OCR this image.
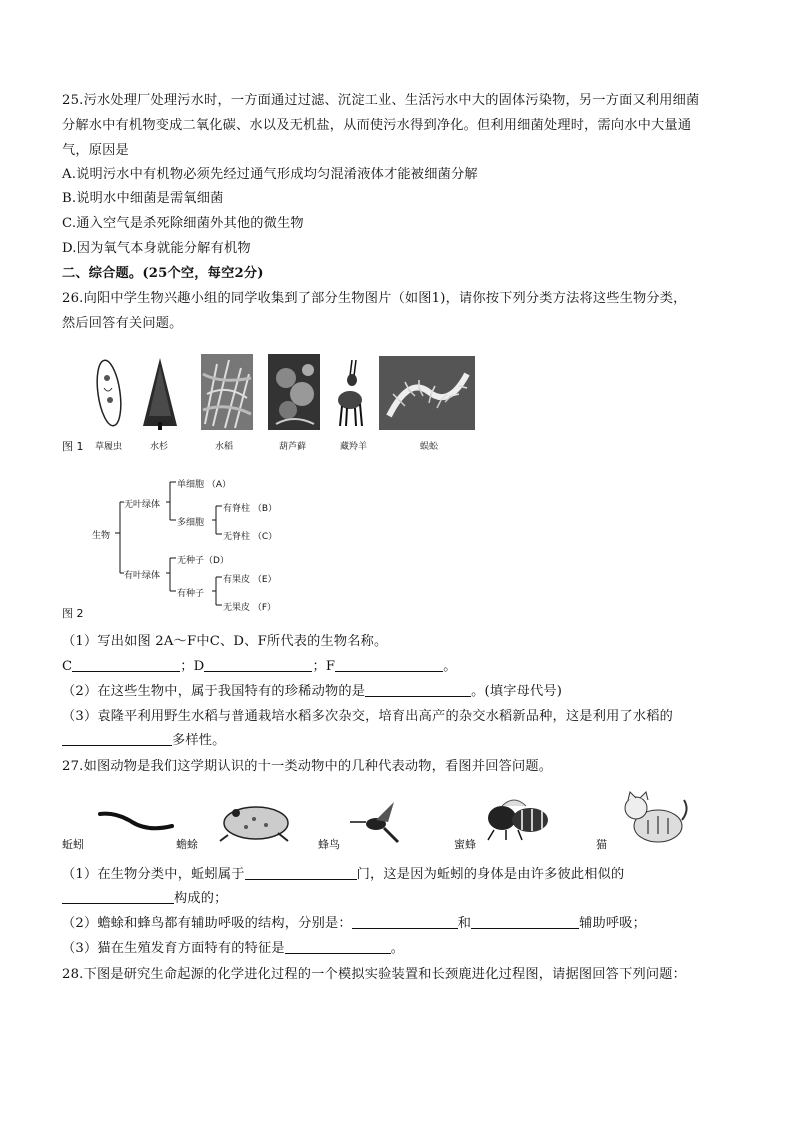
25.污水处理厂处理污水时，一方面通过过滤、沉淀工业、生活污水中大的固体污染物，另一方面又利用细菌
分解水中有机物变成二氧化碳、水以及无机盐，从而使污水得到净化。但利用细菌处理时，需向水中大量通
气，原因是
A.说明污水中有机物必须先经过通气形成均匀混淆液体才能被细菌分解
B.说明水中细菌是需氧细菌
C.通入空气是杀死除细菌外其他的微生物
D.因为氧气本身就能分解有机物
二、综合题。(25个空，每空2分)
26.向阳中学生物兴趣小组的同学收集到了部分生物图片（如图1)，请你按下列分类方法将这些生物分类，
然后回答有关问题。
图 1 草履虫	水杉	水稻	葫芦藓	藏羚羊	蜈蚣
生物
无叶绿体
有叶绿体
单细胞 （A）
多细胞
有脊柱 （B）
无脊柱 （C）
无种子（D）
有种子
有果皮 （E）
无果皮 （F）
图 2
（1）写出如图 2A～F中C、D、F所代表的生物名称。
C	；D	；F	。
（2）在这些生物中，属于我国特有的珍稀动物的是	。(填字母代号)
（3）袁隆平利用野生水稻与普通栽培水稻多次杂交，培育出高产的杂交水稻新品种，这是利用了水稻的
多样性。
27.如图动物是我们这学期认识的十一类动物中的几种代表动物，看图并回答问题。
蚯蚓	蟾蜍	蜂鸟	蜜蜂	猫
（1）在生物分类中，蚯蚓属于	门，这是因为蚯蚓的身体是由许多彼此相似的
构成的；
（2）蟾蜍和蜂鸟都有辅助呼吸的结构，分别是：	和	辅助呼吸；
（3）猫在生殖发育方面特有的特征是	。
28.下图是研究生命起源的化学进化过程的一个模拟实验装置和长颈鹿进化过程图，请据图回答下列问题：
